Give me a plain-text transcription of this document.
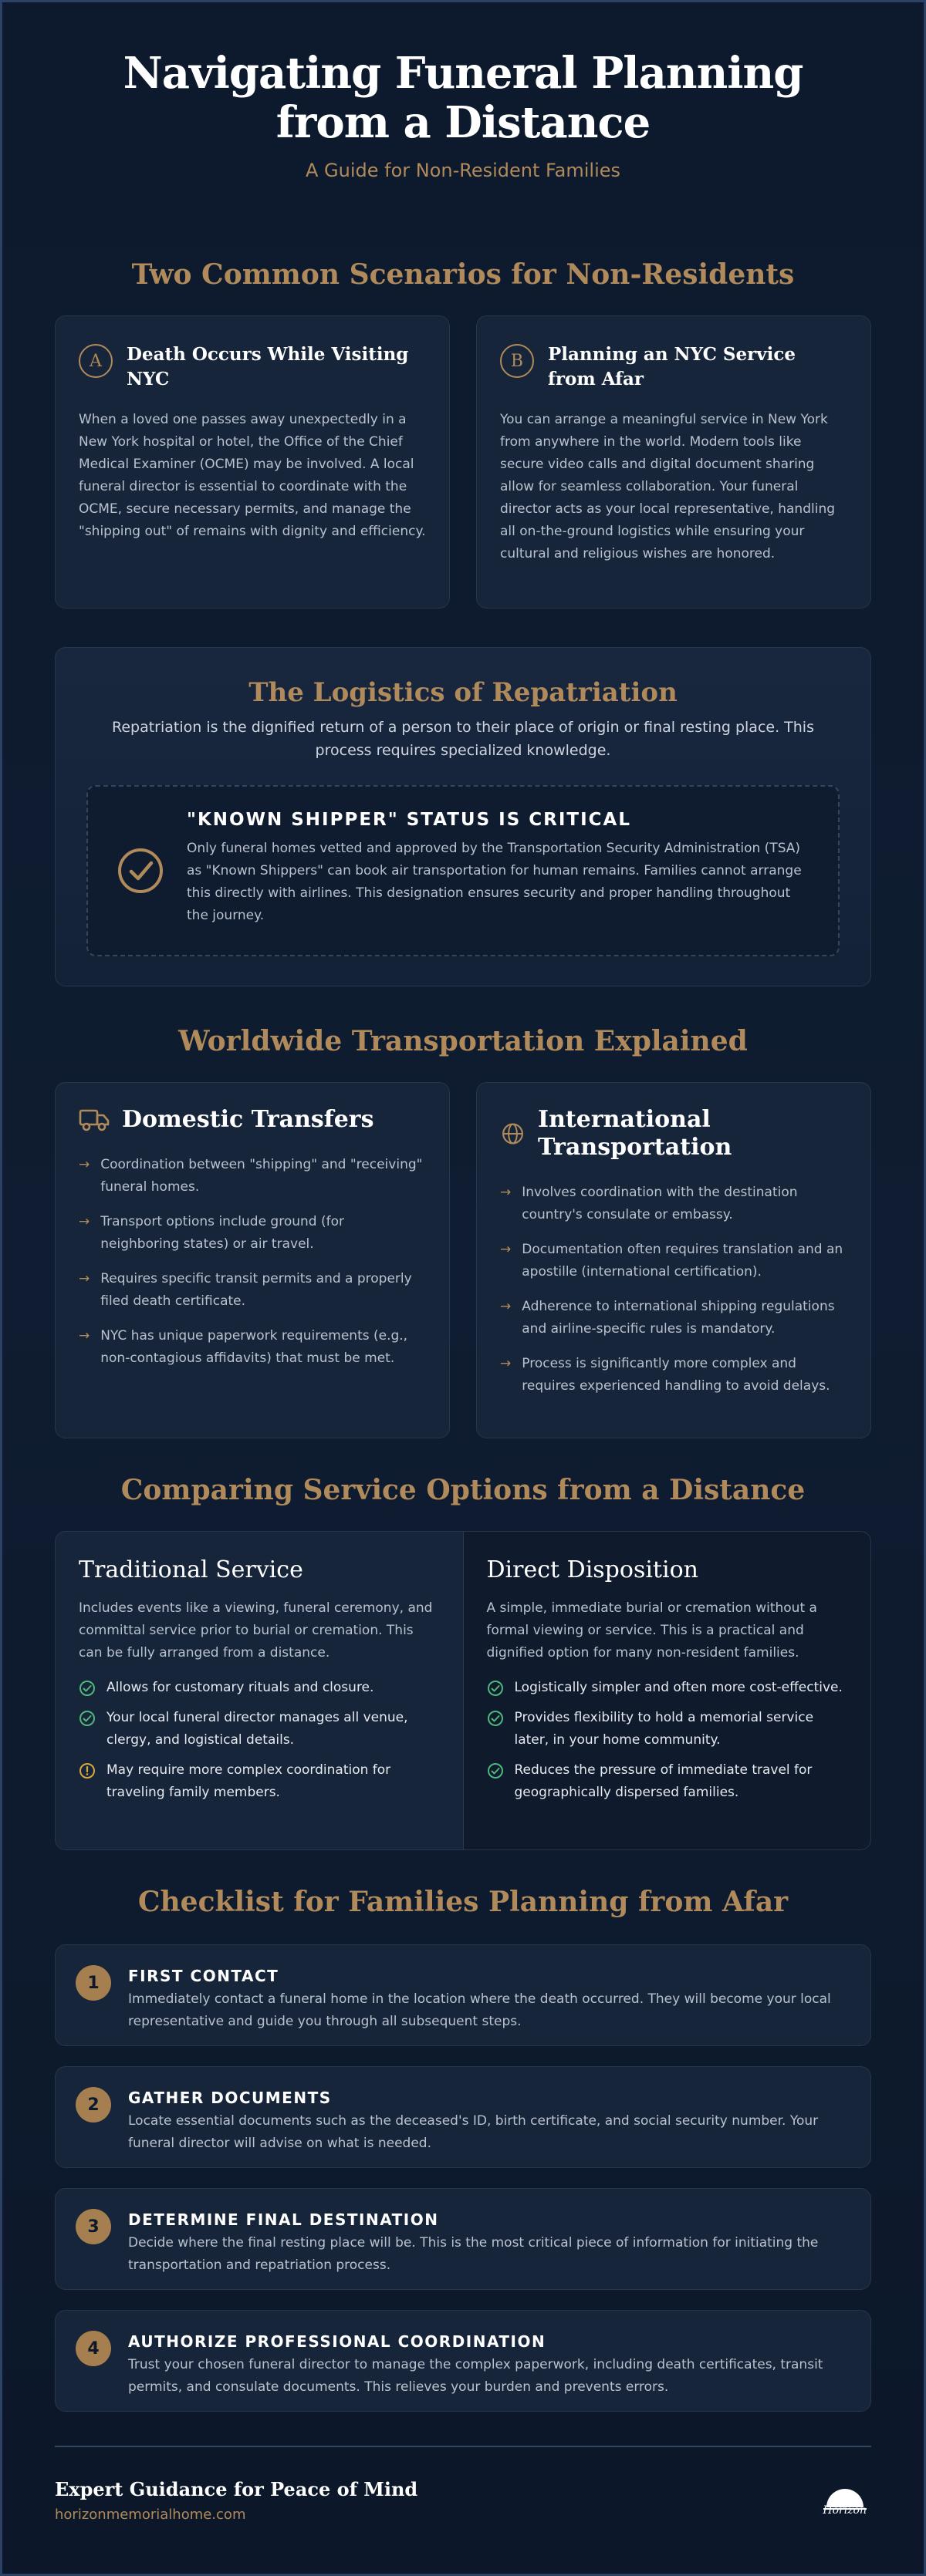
Navigating Funeral Planning from a Distance
A Guide for Non-Resident Families
Two Common Scenarios for Non-Residents
A	Death Occurs While Visiting NYC

When a loved one passes away unexpectedly in a New York hospital or hotel, the Office of the Chief Medical Examiner (OCME) may be involved. A local funeral director is essential to coordinate with the OCME, secure necessary permits, and manage the "shipping out" of remains with dignity and efficiency.

B	Planning an NYC Service from Afar

You can arrange a meaningful service in New York from anywhere in the world. Modern tools like secure video calls and digital document sharing allow for seamless collaboration. Your funeral director acts as your local representative, handling all on-the-ground logistics while ensuring your cultural and religious wishes are honored.

The Logistics of Repatriation

Repatriation is the dignified return of a person to their place of origin or final resting place. This process requires specialized knowledge.

"KNOWN SHIPPER" STATUS IS CRITICAL

Only funeral homes vetted and approved by the Transportation Security Administration (TSA) as "Known Shippers" can book air transportation for human remains. Families cannot arrange this directly with airlines. This designation ensures security and proper handling throughout the journey.

Worldwide Transportation Explained
Domestic Transfers
→ Coordination between "shipping" and "receiving" funeral homes.
→ Transport options include ground (for neighboring states) or air travel.
→ Requires specific transit permits and a properly filed death certificate.
→ NYC has unique paperwork requirements (e.g., non-contagious affidavits) that must be met.
International Transportation
→ Involves coordination with the destination country's consulate or embassy.
→ Documentation often requires translation and an apostille (international certification).
→ Adherence to international shipping regulations and airline-specific rules is mandatory.
→ Process is significantly more complex and requires experienced handling to avoid delays.
Comparing Service Options from a Distance
Traditional Service

Includes events like a viewing, funeral ceremony, and committal service prior to burial or cremation. This can be fully arranged from a distance.

Allows for customary rituals and closure.
Your local funeral director manages all venue, clergy, and logistical details.
May require more complex coordination for traveling family members.
Direct Disposition

A simple, immediate burial or cremation without a formal viewing or service. This is a practical and dignified option for many non-resident families.

Logistically simpler and often more cost-effective.
Provides flexibility to hold a memorial service later, in your home community.
Reduces the pressure of immediate travel for geographically dispersed families.
Checklist for Families Planning from Afar
1	FIRST CONTACT

Immediately contact a funeral home in the location where the death occurred. They will become your local representative and guide you through all subsequent steps.

2	GATHER DOCUMENTS

Locate essential documents such as the deceased's ID, birth certificate, and social security number. Your funeral director will advise on what is needed.

3	DETERMINE FINAL DESTINATION

Decide where the final resting place will be. This is the most critical piece of information for initiating the transportation and repatriation process.

4	AUTHORIZE PROFESSIONAL COORDINATION

Trust your chosen funeral director to manage the complex paperwork, including death certificates, transit permits, and consulate documents. This relieves your burden and prevents errors.

Expert Guidance for Peace of Mind
horizonmemorialhome.com	Horizon
